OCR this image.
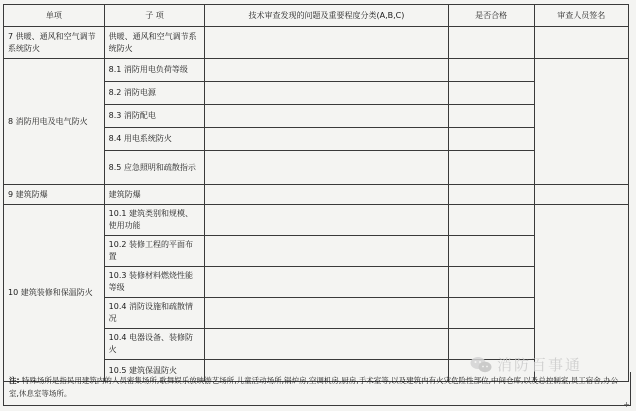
单项	子 项	技术审查发现的问题及重要程度分类(A,B,C)	是否合格	审查人员签名
7 供暖、通风和空气调节系统防火	供暖、通风和空气调节系统防火			
8 消防用电及电气防火	8.1 消防用电负荷等级			
	8.2 消防电源			
	8.3 消防配电			
	8.4 用电系统防火			
	8.5 应急照明和疏散指示			
9 建筑防爆	建筑防爆			
10 建筑装修和保温防火	10.1 建筑类别和规模、使用功能			
	10.2 装修工程的平面布置			
	10.3 装修材料燃烧性能等级			
	10.4 消防设施和疏散情况			
	10.4 电器设备、装修防火			
	10.5 建筑保温防火			
注: 特殊场所是指民用建筑内的人员密集场所,歌舞娱乐放映游艺场所,儿童活动场所,锅炉房,空调机房,厨房,手术室等,以及建筑内有火灾危险性部位,中间仓库,以及总控制室,员工宿舍,办公室,休息室等场所。
消防百事通
+
